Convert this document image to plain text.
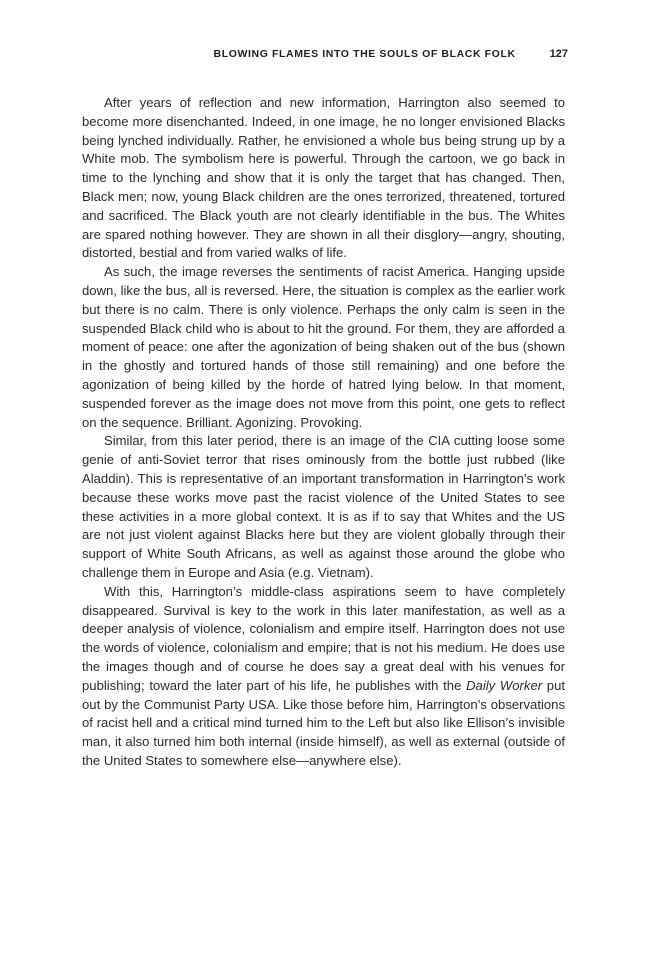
BLOWING FLAMES INTO THE SOULS OF BLACK FOLK	127

After years of reflection and new information, Harrington also seemed to become more disenchanted. Indeed, in one image, he no longer envisioned Blacks being lynched individually. Rather, he envisioned a whole bus being strung up by a White mob. The symbolism here is powerful. Through the cartoon, we go back in time to the lynching and show that it is only the target that has changed. Then, Black men; now, young Black children are the ones terrorized, threatened, tortured and sacrificed. The Black youth are not clearly identifiable in the bus. The Whites are spared nothing however. They are shown in all their disglory—angry, shouting, distorted, bestial and from varied walks of life.

As such, the image reverses the sentiments of racist America. Hanging upside down, like the bus, all is reversed. Here, the situation is complex as the earlier work but there is no calm. There is only violence. Perhaps the only calm is seen in the suspended Black child who is about to hit the ground. For them, they are afforded a moment of peace: one after the agonization of being shaken out of the bus (shown in the ghostly and tortured hands of those still remaining) and one before the agonization of being killed by the horde of hatred lying below. In that moment, suspended forever as the image does not move from this point, one gets to reflect on the sequence. Brilliant. Agonizing. Provoking.

Similar, from this later period, there is an image of the CIA cutting loose some genie of anti-Soviet terror that rises ominously from the bottle just rubbed (like Aladdin). This is representative of an important transformation in Harrington’s work because these works move past the racist violence of the United States to see these activities in a more global context. It is as if to say that Whites and the US are not just violent against Blacks here but they are violent globally through their support of White South Africans, as well as against those around the globe who challenge them in Europe and Asia (e.g. Vietnam).

With this, Harrington’s middle-class aspirations seem to have completely disappeared. Survival is key to the work in this later manifestation, as well as a deeper analysis of violence, colonialism and empire itself. Harrington does not use the words of violence, colonialism and empire; that is not his medium. He does use the images though and of course he does say a great deal with his venues for publishing; toward the later part of his life, he publishes with the Daily Worker put out by the Communist Party USA. Like those before him, Harrington’s observations of racist hell and a critical mind turned him to the Left but also like Ellison’s invisible man, it also turned him both internal (inside himself), as well as external (outside of the United States to somewhere else—anywhere else).
